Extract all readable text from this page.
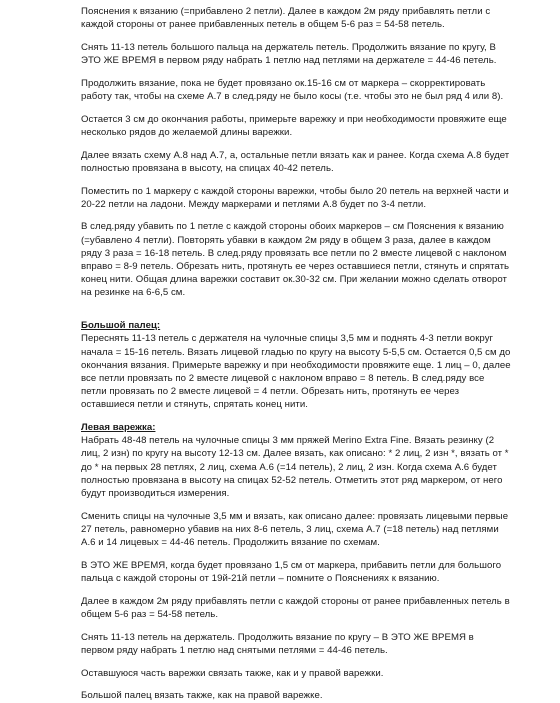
Пояснения к вязанию (=прибавлено 2 петли). Далее в каждом 2м ряду прибавлять петли с
каждой стороны от ранее прибавленных петель в общем 5-6 раз = 54-58 петель.

Снять 11-13 петель большого пальца на держатель петель. Продолжить вязание по кругу, В
ЭТО ЖЕ ВРЕМЯ в первом ряду набрать 1 петлю над петлями на держателе = 44-46 петель.

Продолжить вязание, пока не будет провязано ок.15-16 см от маркера – скорректировать
работу так, чтобы на схеме А.7 в след.ряду не было косы (т.е. чтобы это не был ряд 4 или 8).

Остается 3 см до окончания работы, примерьте варежку и при необходимости провяжите еще
несколько рядов до желаемой длины варежки.

Далее вязать схему А.8 над А.7, а, остальные петли вязать как и ранее. Когда схема А.8 будет
полностью провязана в высоту, на спицах 40-42 петель.

Поместить по 1 маркеру с каждой стороны варежки, чтобы было 20 петель на верхней части и
20-22 петли на ладони. Между маркерами и петлями А.8 будет по 3-4 петли.

В след.ряду убавить по 1 петле с каждой стороны обоих маркеров – см Пояснения к вязанию
(=убавлено 4 петли). Повторять убавки в каждом 2м ряду в общем 3 раза, далее в каждом
ряду 3 раза = 16-18 петель. В след.ряду провязать все петли по 2 вместе лицевой с наклоном
вправо = 8-9 петель. Обрезать нить, протянуть ее через оставшиеся петли, стянуть и спрятать
конец нити. Общая длина варежки составит ок.30-32 см. При желании можно сделать отворот
на резинке на 6-6,5 см.

Большой палец:

Переснять 11-13 петель с держателя на чулочные спицы 3,5 мм и поднять 4-3 петли вокруг
начала = 15-16 петель. Вязать лицевой гладью по кругу на высоту 5-5,5 см. Остается 0,5 см до
окончания вязания. Примерьте варежку и при необходимости провяжите еще. 1 лиц – 0, далее
все петли провязать по 2 вместе лицевой с наклоном вправо = 8 петель. В след.ряду все
петли провязать по 2 вместе лицевой = 4 петли. Обрезать нить, протянуть ее через
оставшиеся петли и стянуть, спрятать конец нити.

Левая варежка:

Набрать 48-48 петель на чулочные спицы 3 мм пряжей Merino Extra Fine. Вязать резинку (2
лиц, 2 изн) по кругу на высоту 12-13 см. Далее вязать, как описано: * 2 лиц, 2 изн *, вязать от *
до * на первых 28 петлях, 2 лиц, схема А.6 (=14 петель), 2 лиц, 2 изн. Когда схема А.6 будет
полностью провязана в высоту на спицах 52-52 петель. Отметить этот ряд маркером, от него
будут производиться измерения.

Сменить спицы на чулочные 3,5 мм и вязать, как описано далее: провязать лицевыми первые
27 петель, равномерно убавив на них 8-6 петель, 3 лиц, схема А.7 (=18 петель) над петлями
А.6 и 14 лицевых = 44-46 петель. Продолжить вязание по схемам.

В ЭТО ЖЕ ВРЕМЯ, когда будет провязано 1,5 см от маркера, прибавить петли для большого
пальца с каждой стороны от 19й-21й петли – помните о Пояснениях к вязанию.

Далее в каждом 2м ряду прибавлять петли с каждой стороны от ранее прибавленных петель в
общем 5-6 раз = 54-58 петель.

Снять 11-13 петель на держатель. Продолжить вязание по кругу – В ЭТО ЖЕ ВРЕМЯ в
первом ряду набрать 1 петлю над снятыми петлями = 44-46 петель.

Оставшуюся часть варежки связать также, как и у правой варежки.

Большой палец вязать также, как на правой варежке.
